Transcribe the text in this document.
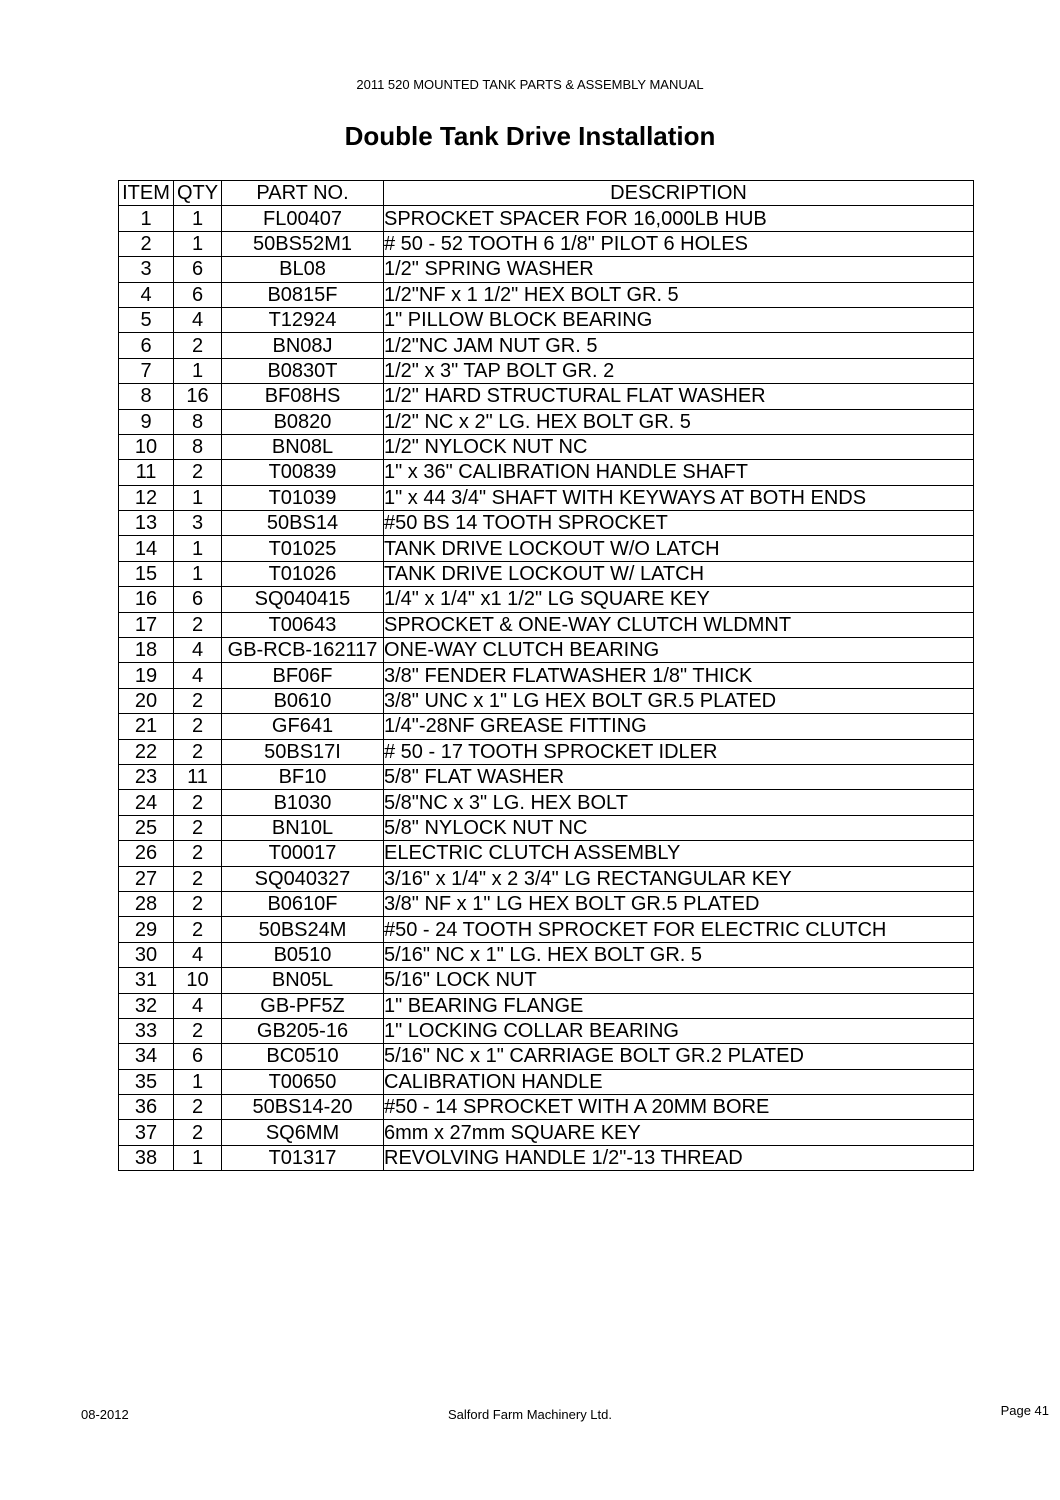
2011 520 MOUNTED TANK PARTS & ASSEMBLY MANUAL
Double Tank Drive Installation
ITEM	QTY	PART NO.	DESCRIPTION
1	1	FL00407	SPROCKET SPACER FOR 16,000LB HUB
2	1	50BS52M1	# 50 - 52 TOOTH 6 1/8" PILOT 6 HOLES
3	6	BL08	1/2" SPRING WASHER
4	6	B0815F	1/2"NF x 1 1/2" HEX BOLT GR. 5
5	4	T12924	1" PILLOW BLOCK BEARING
6	2	BN08J	1/2"NC JAM NUT GR. 5
7	1	B0830T	1/2" x 3" TAP BOLT GR. 2
8	16	BF08HS	1/2" HARD STRUCTURAL FLAT WASHER
9	8	B0820	1/2" NC x 2" LG. HEX BOLT GR. 5
10	8	BN08L	1/2" NYLOCK NUT NC
11	2	T00839	1" x 36" CALIBRATION HANDLE SHAFT
12	1	T01039	1" x 44 3/4" SHAFT WITH KEYWAYS AT BOTH ENDS
13	3	50BS14	#50 BS 14 TOOTH SPROCKET
14	1	T01025	TANK DRIVE LOCKOUT W/O LATCH
15	1	T01026	TANK DRIVE LOCKOUT W/ LATCH
16	6	SQ040415	1/4" x 1/4" x1 1/2" LG SQUARE KEY
17	2	T00643	SPROCKET & ONE-WAY CLUTCH WLDMNT
18	4	GB-RCB-162117	ONE-WAY CLUTCH BEARING
19	4	BF06F	3/8" FENDER FLATWASHER 1/8" THICK
20	2	B0610	3/8" UNC x 1" LG HEX BOLT GR.5 PLATED
21	2	GF641	1/4"-28NF GREASE FITTING
22	2	50BS17I	# 50 - 17 TOOTH SPROCKET IDLER
23	11	BF10	5/8" FLAT WASHER
24	2	B1030	5/8"NC x 3" LG. HEX BOLT
25	2	BN10L	5/8" NYLOCK NUT NC
26	2	T00017	ELECTRIC CLUTCH ASSEMBLY
27	2	SQ040327	3/16" x 1/4" x 2 3/4" LG RECTANGULAR KEY
28	2	B0610F	3/8" NF x 1" LG HEX BOLT GR.5 PLATED
29	2	50BS24M	#50 - 24 TOOTH SPROCKET FOR ELECTRIC CLUTCH
30	4	B0510	5/16" NC x 1" LG. HEX BOLT GR. 5
31	10	BN05L	5/16" LOCK NUT
32	4	GB-PF5Z	1" BEARING FLANGE
33	2	GB205-16	1" LOCKING COLLAR BEARING
34	6	BC0510	5/16" NC x 1" CARRIAGE BOLT GR.2 PLATED
35	1	T00650	CALIBRATION HANDLE
36	2	50BS14-20	#50 - 14 SPROCKET WITH A 20MM BORE
37	2	SQ6MM	6mm x 27mm SQUARE KEY
38	1	T01317	REVOLVING HANDLE 1/2"-13 THREAD
08-2012	Salford Farm Machinery Ltd.	Page 41
